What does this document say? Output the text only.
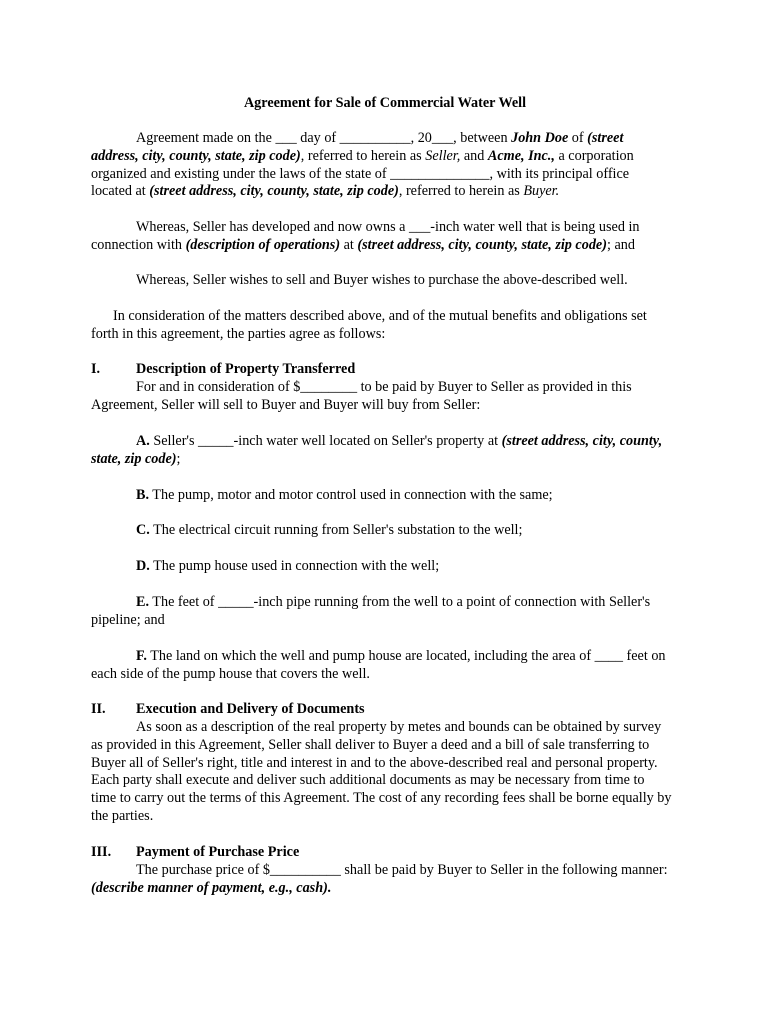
Agreement for Sale of Commercial Water Well

Agreement made on the ___ day of __________, 20___, between John Doe of (street address, city, county, state, zip code), referred to herein as Seller, and Acme, Inc., a corporation organized and existing under the laws of the state of ______________, with its principal office located at (street address, city, county, state, zip code), referred to herein as Buyer.

Whereas, Seller has developed and now owns a ___-inch water well that is being used in connection with (description of operations) at (street address, city, county, state, zip code); and

Whereas, Seller wishes to sell and Buyer wishes to purchase the above-described well.

In consideration of the matters described above, and of the mutual benefits and obligations set forth in this agreement, the parties agree as follows:

I.	Description of Property Transferred

For and in consideration of $________ to be paid by Buyer to Seller as provided in this Agreement, Seller will sell to Buyer and Buyer will buy from Seller:

A. Seller's _____-inch water well located on Seller's property at (street address, city, county, state, zip code);

B. The pump, motor and motor control used in connection with the same;

C. The electrical circuit running from Seller's substation to the well;

D. The pump house used in connection with the well;

E. The feet of _____-inch pipe running from the well to a point of connection with Seller's pipeline; and

F. The land on which the well and pump house are located, including the area of ____ feet on each side of the pump house that covers the well.

II. Execution and Delivery of Documents

As soon as a description of the real property by metes and bounds can be obtained by survey as provided in this Agreement, Seller shall deliver to Buyer a deed and a bill of sale transferring to Buyer all of Seller's right, title and interest in and to the above-described real and personal property. Each party shall execute and deliver such additional documents as may be necessary from time to time to carry out the terms of this Agreement. The cost of any recording fees shall be borne equally by the parties.

III. Payment of Purchase Price

The purchase price of $__________ shall be paid by Buyer to Seller in the following manner: (describe manner of payment, e.g., cash).
